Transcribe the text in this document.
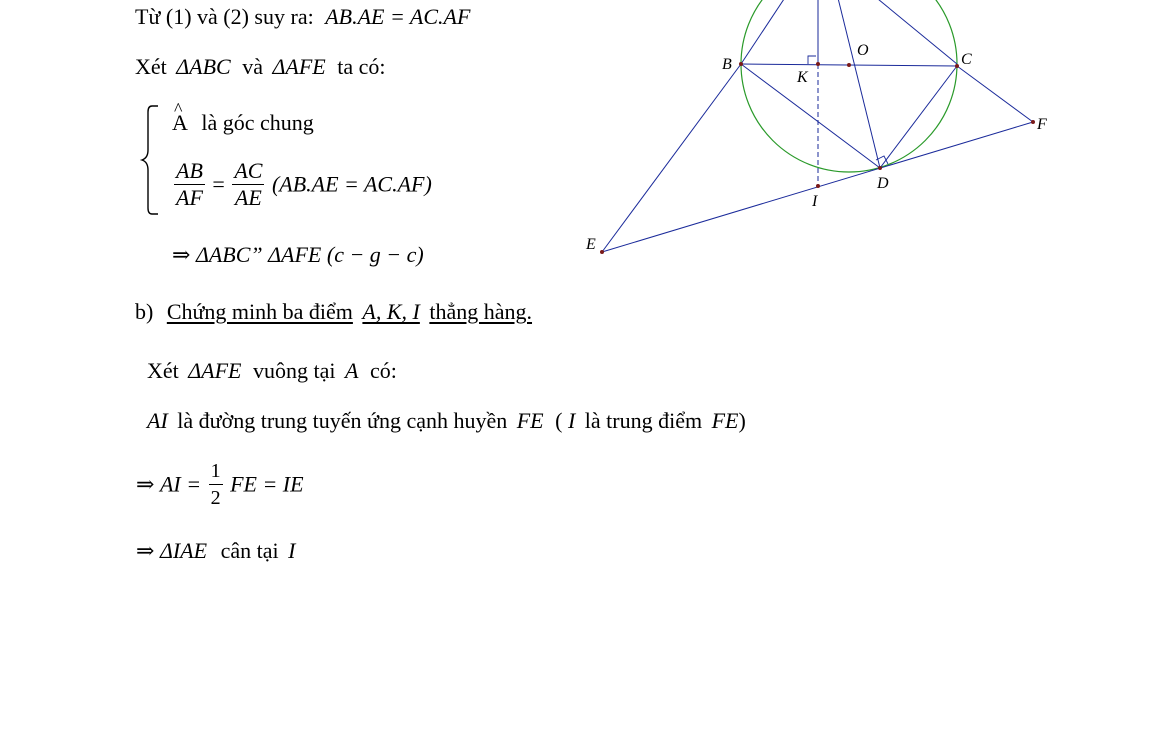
Từ (1) và (2) suy ra: AB.AE = AC.AF
Xét ΔABC và ΔAFE ta có:
^ A là góc chung
$\frac{AB}{AF} = \frac{AC}{AE} (AB.AE = AC.AF)$
⇒ ΔABC” ΔAFE (c − g − c)
b) Chứng minh ba điểm A, K, I thẳng hàng.
Xét ΔAFE vuông tại A có:
AI là đường trung tuyến ứng cạnh huyền FE ( I là trung điểm FE)
⇒ AI = $\frac{1}{2}$ FE = IE
⇒ ΔIAE cân tại I
B
O
C
K
F
D
I
E
